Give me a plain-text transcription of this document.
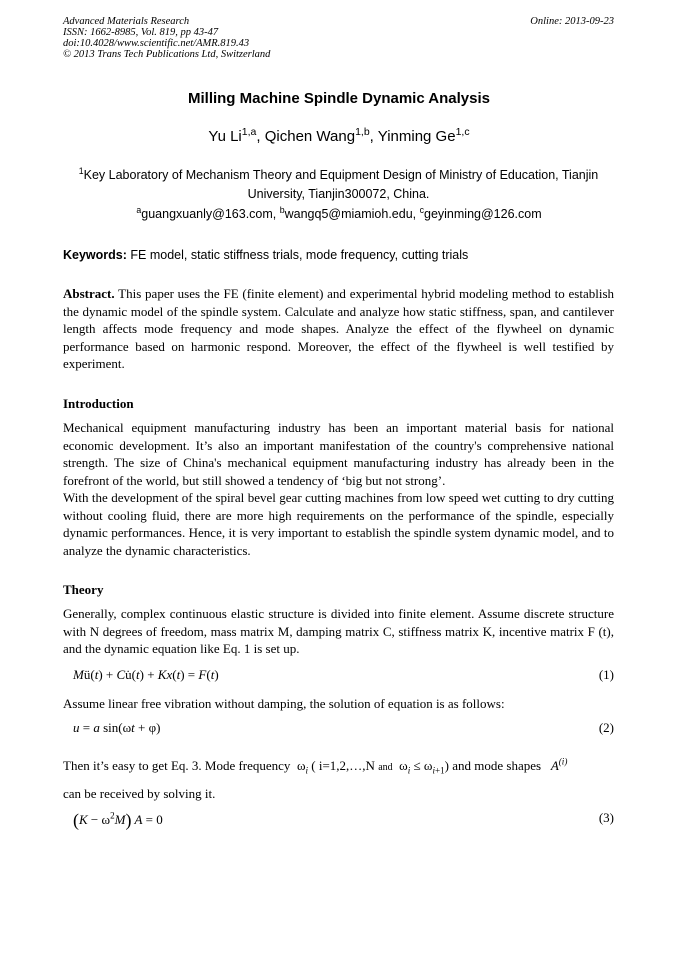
Advanced Materials Research
ISSN: 1662-8985, Vol. 819, pp 43-47
doi:10.4028/www.scientific.net/AMR.819.43
© 2013 Trans Tech Publications Ltd, Switzerland
Online: 2013-09-23
Milling Machine Spindle Dynamic Analysis
Yu Li$^{1,a}$, Qichen Wang$^{1,b}$, Yinming Ge$^{1,c}$
$^1$Key Laboratory of Mechanism Theory and Equipment Design of Ministry of Education, Tianjin University, Tianjin300072, China.
$^a$guangxuanly@163.com, $^b$wangq5@miamioh.edu, $^c$geyinming@126.com
Keywords: FE model, static stiffness trials, mode frequency, cutting trials
Abstract. This paper uses the FE (finite element) and experimental hybrid modeling method to establish the dynamic model of the spindle system. Calculate and analyze how static stiffness, span, and cantilever length affects mode frequency and mode shapes. Analyze the effect of the flywheel on dynamic performance based on harmonic respond. Moreover, the effect of the flywheel is well testified by experiment.
Introduction
Mechanical equipment manufacturing industry has been an important material basis for national economic development. It’s also an important manifestation of the country's comprehensive national strength. The size of China's mechanical equipment manufacturing industry has already been in the forefront of the world, but still showed a tendency of ‘big but not strong’.
With the development of the spiral bevel gear cutting machines from low speed wet cutting to dry cutting without cooling fluid, there are more high requirements on the performance of the spindle, especially dynamic performances. Hence, it is very important to establish the spindle system dynamic model, and to analyze the dynamic characteristics.
Theory
Generally, complex continuous elastic structure is divided into finite element. Assume discrete structure with N degrees of freedom, mass matrix M, damping matrix C, stiffness matrix K, incentive matrix F (t), and the dynamic equation like Eq. 1 is set up.
Mü(t) + Cu̇(t) + Kx(t) = F(t)	(1)
Assume linear free vibration without damping, the solution of equation is as follows:
u = a sin(ωt + φ)	(2)
Then it’s easy to get Eq. 3. Mode frequency $\omega_i$ ( i=1,2,…,N and $\omega_i \le \omega_{i+1}$) and mode shapes $A^{(i)}$
can be received by solving it.
$(K - \omega^2M)$ A = 0	(3)
